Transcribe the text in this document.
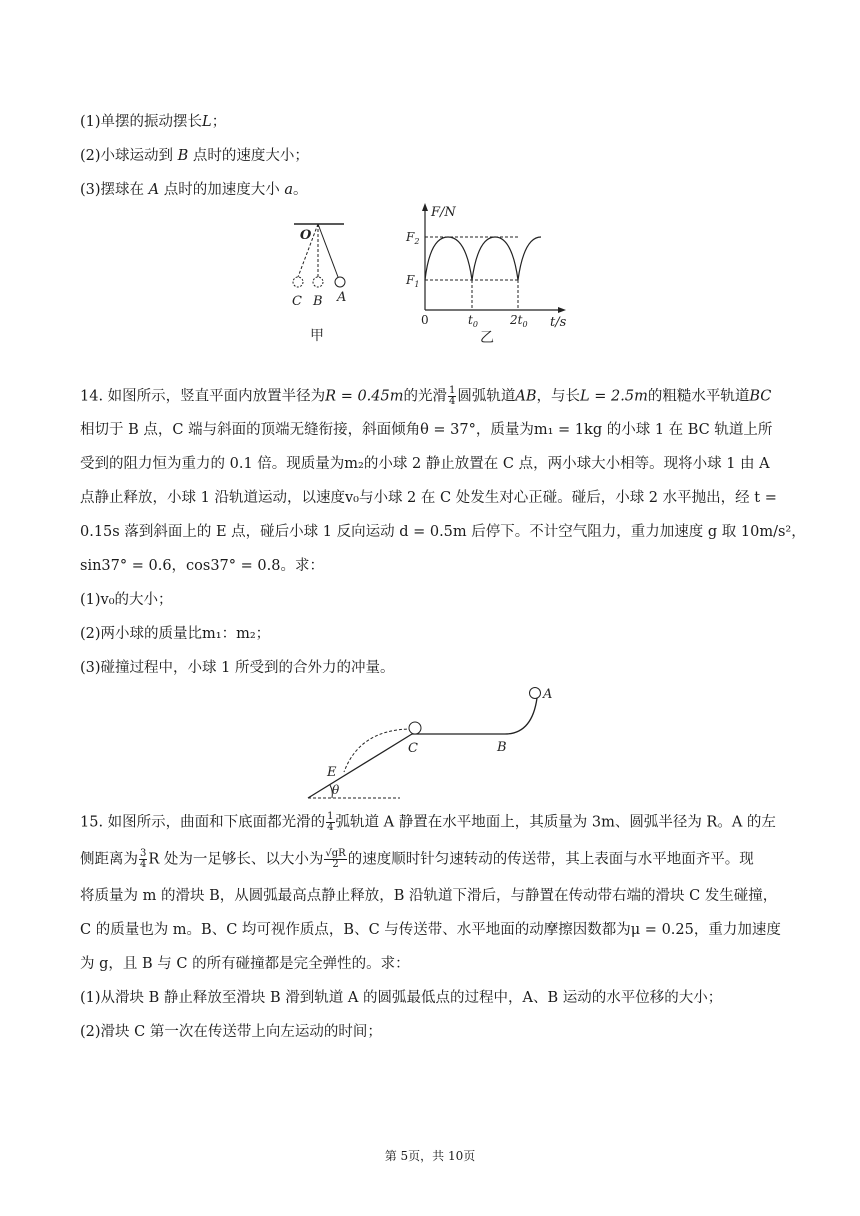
(1)单摆的振动摆长L；
(2)小球运动到 B 点时的速度大小；
(3)摆球在 A 点时的加速度大小 a。
O
C B A
甲
F/N
t/s
$F_2$
$F_1$
0	$t_0$	$2t_0$
乙
14. 如图所示，竖直平面内放置半径为R = 0.45m的光滑 $\frac{1}{4}$ 圆弧轨道AB，与长L = 2.5m的粗糙水平轨道BC
相切于 B 点，C 端与斜面的顶端无缝衔接，斜面倾角θ = 37°，质量为m₁ = 1kg 的小球 1 在 BC 轨道上所
受到的阻力恒为重力的 0.1 倍。现质量为m₂的小球 2 静止放置在 C 点，两小球大小相等。现将小球 1 由 A
点静止释放，小球 1 沿轨道运动，以速度v₀与小球 2 在 C 处发生对心正碰。碰后，小球 2 水平抛出，经 t =
0.15s 落到斜面上的 E 点，碰后小球 1 反向运动 d = 0.5m 后停下。不计空气阻力，重力加速度 g 取 10m/s²，
sin37° = 0.6，cos37° = 0.8。求：
(1)v₀的大小；
(2)两小球的质量比m₁：m₂；
(3)碰撞过程中，小球 1 所受到的合外力的冲量。
A
B
C
E
θ
15. 如图所示，曲面和下底面都光滑的 $\frac{1}{4}$ 弧轨道 A 静置在水平地面上，其质量为 3m、圆弧半径为 R。A 的左
侧距离为 $\frac{3}{4}$ R 处为一足够长、以大小为 $\frac{√gR}{2}$ 的速度顺时针匀速转动的传送带，其上表面与水平地面齐平。现
将质量为 m 的滑块 B，从圆弧最高点静止释放，B 沿轨道下滑后，与静置在传动带右端的滑块 C 发生碰撞，
C 的质量也为 m。B、C 均可视作质点，B、C 与传送带、水平地面的动摩擦因数都为μ = 0.25，重力加速度
为 g，且 B 与 C 的所有碰撞都是完全弹性的。求：
(1)从滑块 B 静止释放至滑块 B 滑到轨道 A 的圆弧最低点的过程中，A、B 运动的水平位移的大小；
(2)滑块 C 第一次在传送带上向左运动的时间；
第 5页，共 10页
